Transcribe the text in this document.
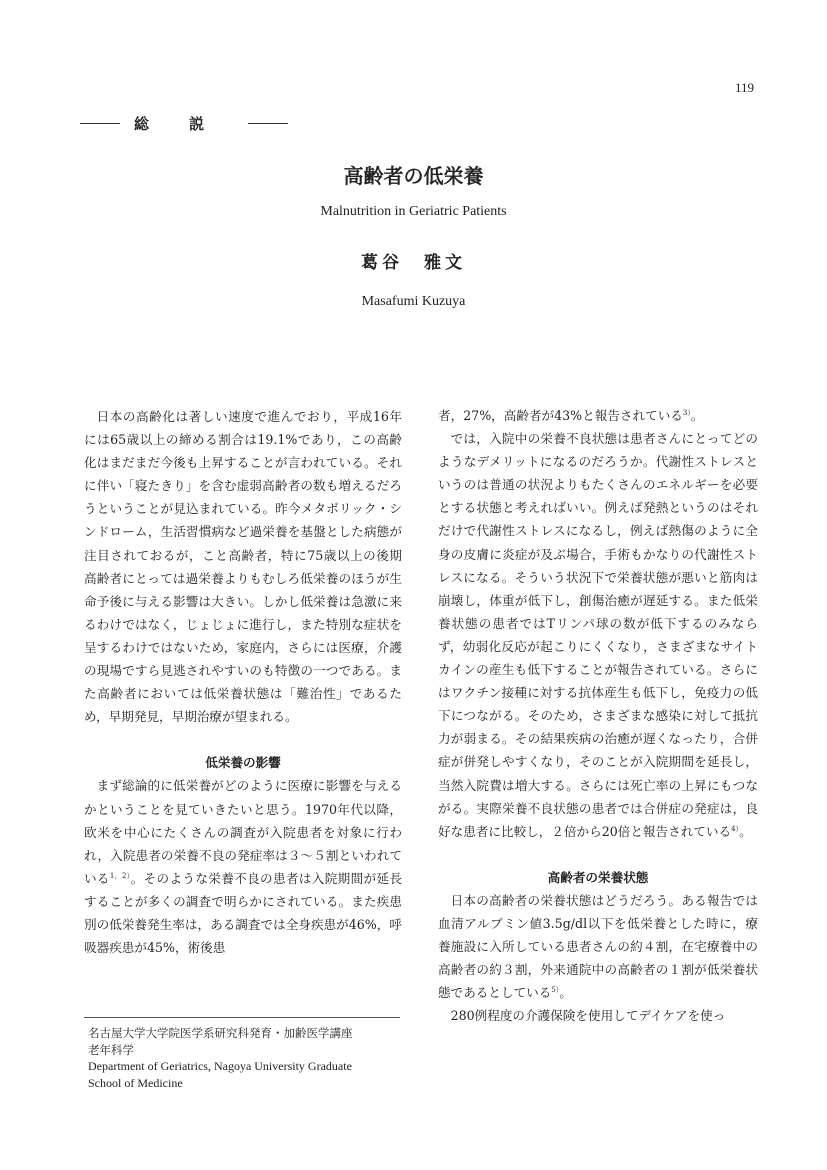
119
総説
高齢者の低栄養
Malnutrition in Geriatric Patients
葛谷　雅文
Masafumi Kuzuya

日本の高齢化は著しい速度で進んでおり，平成16年には65歳以上の締める割合は19.1%であり，この高齢化はまだまだ今後も上昇することが言われている。それに伴い「寝たきり」を含む虚弱高齢者の数も増えるだろうということが見込まれている。昨今メタボリック・シンドローム，生活習慣病など過栄養を基盤とした病態が注目されておるが，こと高齢者，特に75歳以上の後期高齢者にとっては過栄養よりもむしろ低栄養のほうが生命予後に与える影響は大きい。しかし低栄養は急激に来るわけではなく，じょじょに進行し，また特別な症状を呈するわけではないため，家庭内，さらには医療，介護の現場ですら見逃されやすいのも特徴の一つである。また高齢者においては低栄養状態は「難治性」であるため，早期発見，早期治療が望まれる。

低栄養の影響

まず総論的に低栄養がどのように医療に影響を与えるかということを見ていきたいと思う。1970年代以降，欧米を中心にたくさんの調査が入院患者を対象に行われ，入院患者の栄養不良の発症率は３～５割といわれている$^{1,2)}$。そのような栄養不良の患者は入院期間が延長することが多くの調査で明らかにされている。また疾患別の低栄養発生率は，ある調査では全身疾患が46%，呼吸器疾患が45%，術後患

者，27%，高齢者が43%と報告されている$^{3)}$。

では，入院中の栄養不良状態は患者さんにとってどのようなデメリットになるのだろうか。代謝性ストレスというのは普通の状況よりもたくさんのエネルギーを必要とする状態と考えればいい。例えば発熱というのはそれだけで代謝性ストレスになるし，例えば熱傷のように全身の皮膚に炎症が及ぶ場合，手術もかなりの代謝性ストレスになる。そういう状況下で栄養状態が悪いと筋肉は崩壊し，体重が低下し，創傷治癒が遅延する。また低栄養状態の患者ではTリンパ球の数が低下するのみならず，幼弱化反応が起こりにくくなり，さまざまなサイトカインの産生も低下することが報告されている。さらにはワクチン接種に対する抗体産生も低下し，免疫力の低下につながる。そのため，さまざまな感染に対して抵抗力が弱まる。その結果疾病の治癒が遅くなったり，合併症が併発しやすくなり，そのことが入院期間を延長し，当然入院費は増大する。さらには死亡率の上昇にもつながる。実際栄養不良状態の患者では合併症の発症は，良好な患者に比較し，２倍から20倍と報告されている$^{4)}$。

高齢者の栄養状態

日本の高齢者の栄養状態はどうだろう。ある報告では血清アルブミン値3.5g/dl以下を低栄養とした時に，療養施設に入所している患者さんの約４割，在宅療養中の高齢者の約３割，外来通院中の高齢者の１割が低栄養状態であるとしている$^{5)}$。

280例程度の介護保険を使用してデイケアを使っ

名古屋大学大学院医学系研究科発育・加齢医学講座
老年科学
Department of Geriatrics, Nagoya University Graduate
School of Medicine
